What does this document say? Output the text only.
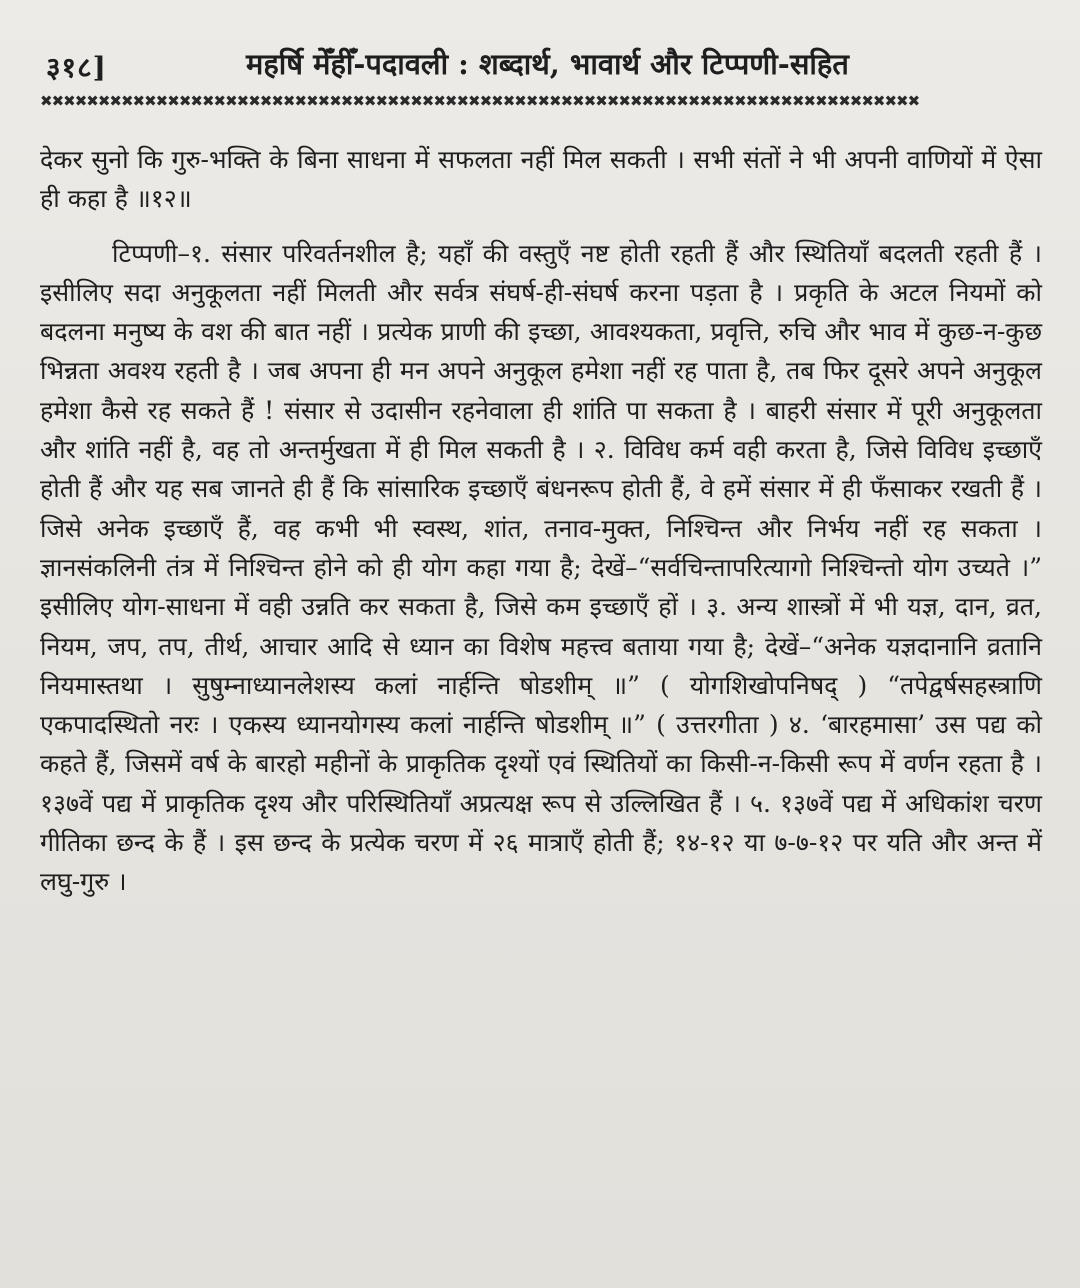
३१८]	महर्षि मेँहीँ-पदावली : शब्दार्थ, भावार्थ और टिप्पणी-सहित
✖✖✖✖✖✖✖✖✖✖✖✖✖✖✖✖✖✖✖✖✖✖✖✖✖✖✖✖✖✖✖✖✖✖✖✖✖✖✖✖✖✖✖✖✖✖✖✖✖✖✖✖✖✖✖✖✖✖✖✖✖✖✖✖✖✖✖✖✖✖✖✖✖✖✖✖

देकर सुनो कि गुरु-भक्ति के बिना साधना में सफलता नहीं मिल सकती । सभी संतों ने भी अपनी वाणियों में ऐसा ही कहा है ॥१२॥

टिप्पणी–१. संसार परिवर्तनशील है; यहाँ की वस्तुएँ नष्ट होती रहती हैं और स्थितियाँ बदलती रहती हैं । इसीलिए सदा अनुकूलता नहीं मिलती और सर्वत्र संघर्ष-ही-संघर्ष करना पड़ता है । प्रकृति के अटल नियमों को बदलना मनुष्य के वश की बात नहीं । प्रत्येक प्राणी की इच्छा, आवश्यकता, प्रवृत्ति, रुचि और भाव में कुछ-न-कुछ भिन्नता अवश्य रहती है । जब अपना ही मन अपने अनुकूल हमेशा नहीं रह पाता है, तब फिर दूसरे अपने अनुकूल हमेशा कैसे रह सकते हैं ! संसार से उदासीन रहनेवाला ही शांति पा सकता है । बाहरी संसार में पूरी अनुकूलता और शांति नहीं है, वह तो अन्तर्मुखता में ही मिल सकती है । २. विविध कर्म वही करता है, जिसे विविध इच्छाएँ होती हैं और यह सब जानते ही हैं कि सांसारिक इच्छाएँ बंधनरूप होती हैं, वे हमें संसार में ही फँसाकर रखती हैं । जिसे अनेक इच्छाएँ हैं, वह कभी भी स्वस्थ, शांत, तनाव-मुक्त, निश्चिन्त और निर्भय नहीं रह सकता । ज्ञानसंकलिनी तंत्र में निश्चिन्त होने को ही योग कहा गया है; देखें–“सर्वचिन्तापरित्यागो निश्चिन्तो योग उच्यते ।” इसीलिए योग-साधना में वही उन्नति कर सकता है, जिसे कम इच्छाएँ हों । ३. अन्य शास्त्रों में भी यज्ञ, दान, व्रत, नियम, जप, तप, तीर्थ, आचार आदि से ध्यान का विशेष महत्त्व बताया गया है; देखें–“अनेक यज्ञदानानि व्रतानि नियमास्तथा । सुषुम्नाध्यानलेशस्य कलां नार्हन्ति षोडशीम् ॥” ( योगशिखोपनिषद् ) “तपेद्वर्षसहस्त्राणि एकपादस्थितो नरः । एकस्य ध्यानयोगस्य कलां नार्हन्ति षोडशीम् ॥” ( उत्तरगीता ) ४. ‘बारहमासा’ उस पद्य को कहते हैं, जिसमें वर्ष के बारहो महीनों के प्राकृतिक दृश्यों एवं स्थितियों का किसी-न-किसी रूप में वर्णन रहता है । १३७वें पद्य में प्राकृतिक दृश्य और परिस्थितियाँ अप्रत्यक्ष रूप से उल्लिखित हैं । ५. १३७वें पद्य में अधिकांश चरण गीतिका छन्द के हैं । इस छन्द के प्रत्येक चरण में २६ मात्राएँ होती हैं; १४-१२ या ७-७-१२ पर यति और अन्त में लघु-गुरु ।
